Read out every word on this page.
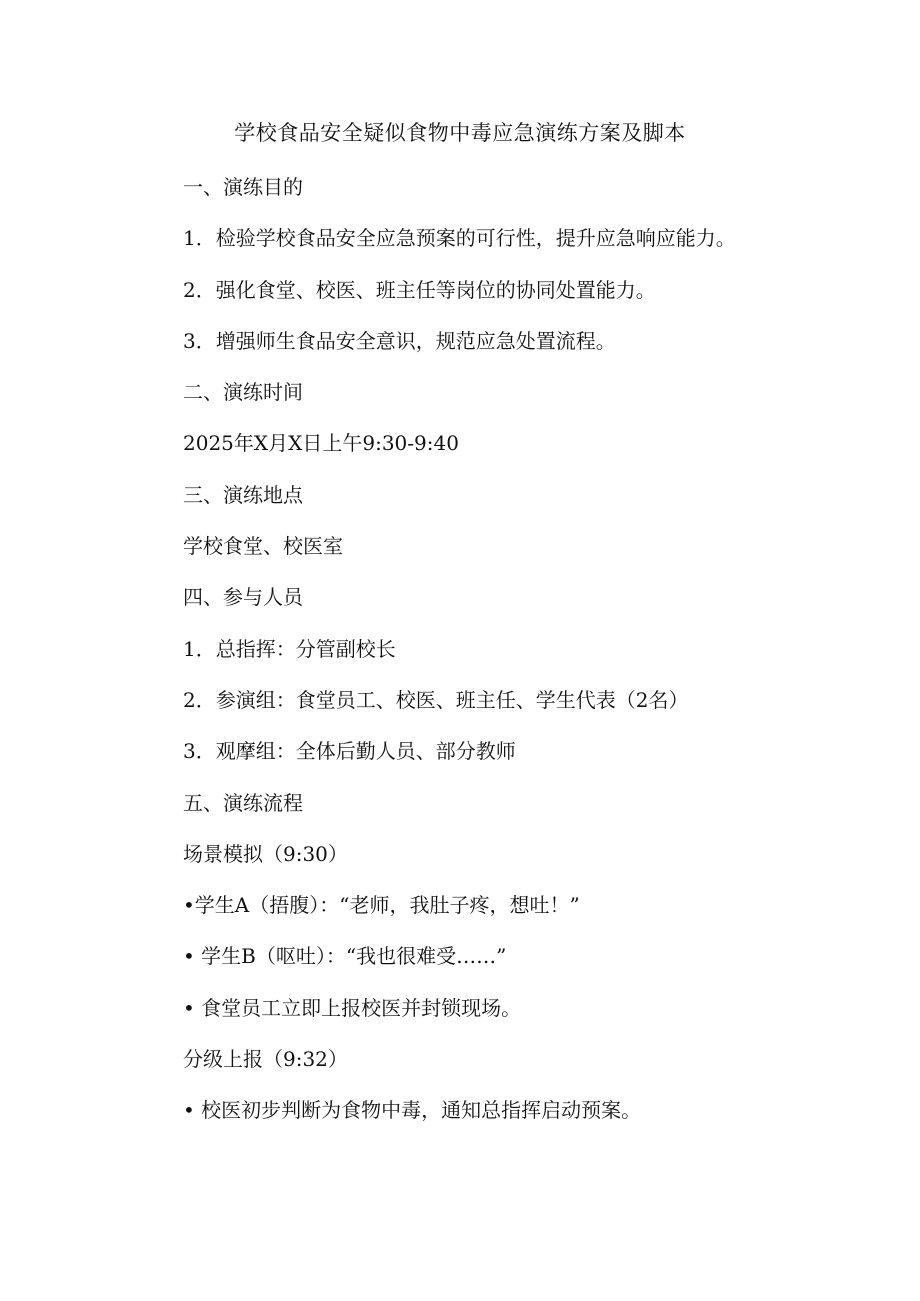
学校食品安全疑似食物中毒应急演练方案及脚本
一、演练目的
1．检验学校食品安全应急预案的可行性，提升应急响应能力。
2．强化食堂、校医、班主任等岗位的协同处置能力。
3．增强师生食品安全意识，规范应急处置流程。
二、演练时间
2025年X月X日上午9:30-9:40
三、演练地点
学校食堂、校医室
四、参与人员
1．总指挥：分管副校长
2．参演组：食堂员工、校医、班主任、学生代表（2名）
3．观摩组：全体后勤人员、部分教师
五、演练流程
场景模拟（9:30）
•学生A（捂腹）：“老师，我肚子疼，想吐！”
• 学生B（呕吐）：“我也很难受……”
• 食堂员工立即上报校医并封锁现场。
分级上报（9:32）
• 校医初步判断为食物中毒，通知总指挥启动预案。
